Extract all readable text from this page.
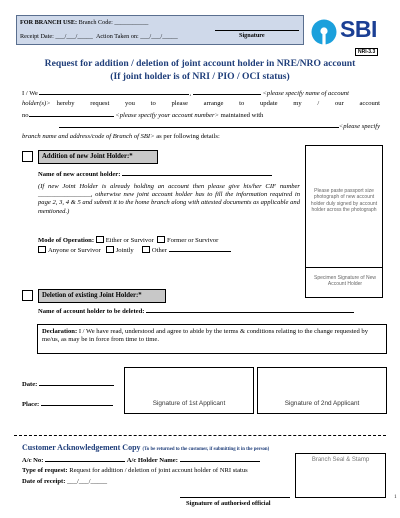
FOR BRANCH USE: Branch Code: ___________
Receipt Date: ___/___/_____ Action Taken on: ___/___/_____	Signature	SBI
NRI-3.3
Request for addition / deletion of joint account holder in NRE/NRO account
(If joint holder is of NRI / PIO / OCI status)
I / We	,	<please specify name of account
holder(s)> hereby request you to please arrange to update my / our account
no	<please specify your account number> maintained with
<please specify
branch name and address/code of Branch of SBI> as per following details:
Addition of new Joint Holder:*
Name of new account holder:
(If new Joint Holder is already holding an account then please give his/her CIF number ________________, otherwise new joint account holder has to fill the information required in page 2, 3, 4 & 5 and submit it to the home branch along with attested documents as applicable and mentioned.)
Mode of Operation: Either or Survivor Former or Survivor
Anyone or Survivor Jointly	Other
Please paste passport size photograph of new account holder duly signed by account holder across the photograph
Specimen Signature of New Account Holder
Deletion of existing Joint Holder:*
Name of account holder to be deleted:
Declaration: I / We have read, understood and agree to abide by the terms & conditions relating to the change requested by me/us, as may be in force from time to time.
Date:
Place:	Signature of 1st Applicant	Signature of 2nd Applicant
Customer Acknowledgement Copy (To be returned to the customer, if submitting it in the person)
A/c No:	A/c Holder Name:
Type of request: Request for addition / deletion of joint account holder of NRI status
Date of receipt: ___/___/_____
Branch Seal & Stamp
Signature of authorised official
1
